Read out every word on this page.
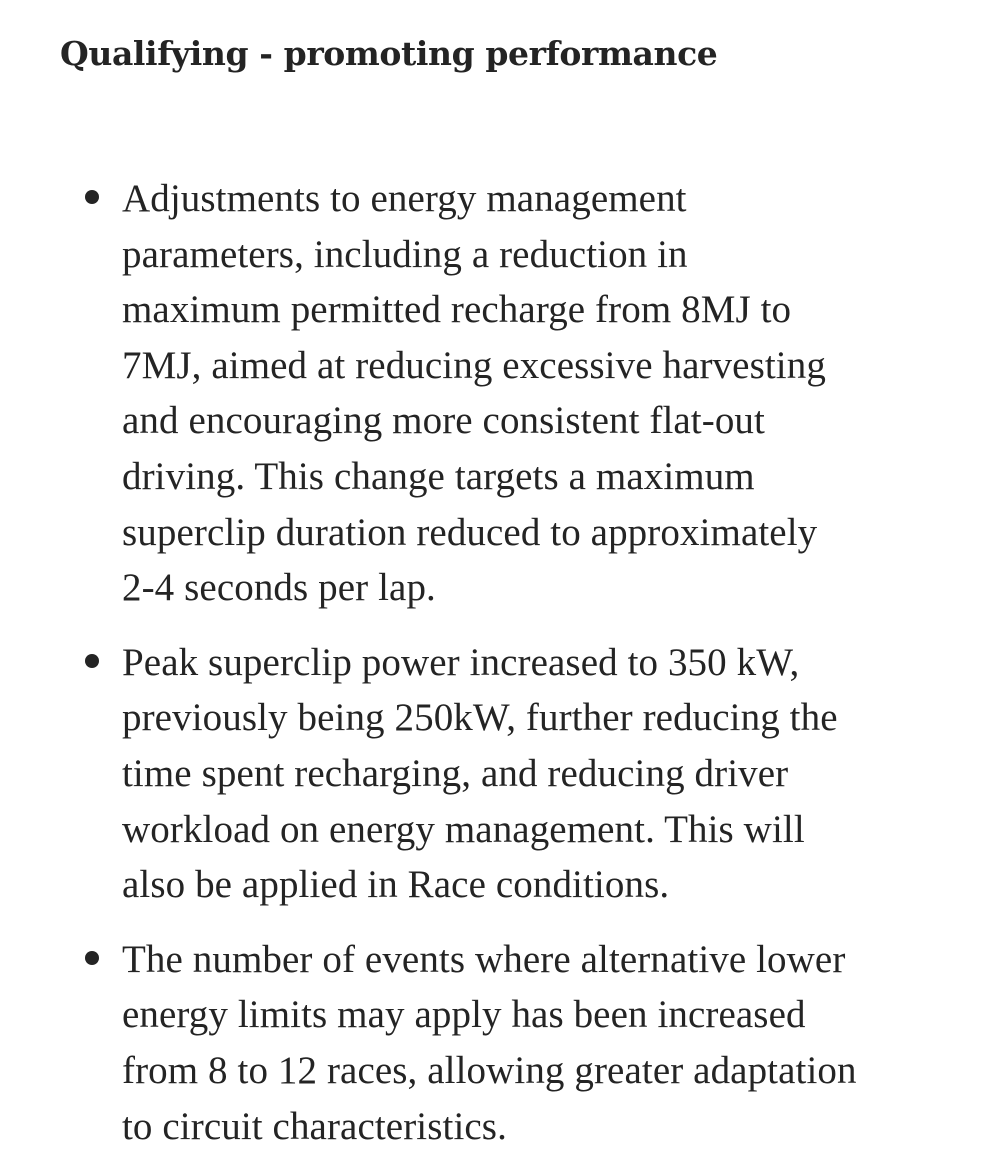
Qualifying - promoting performance
Adjustments to energy management
parameters, including a reduction in
maximum permitted recharge from 8MJ to
7MJ, aimed at reducing excessive harvesting
and encouraging more consistent flat-out
driving. This change targets a maximum
superclip duration reduced to approximately
2-4 seconds per lap.
Peak superclip power increased to 350 kW,
previously being 250kW, further reducing the
time spent recharging, and reducing driver
workload on energy management. This will
also be applied in Race conditions.
The number of events where alternative lower
energy limits may apply has been increased
from 8 to 12 races, allowing greater adaptation
to circuit characteristics.
